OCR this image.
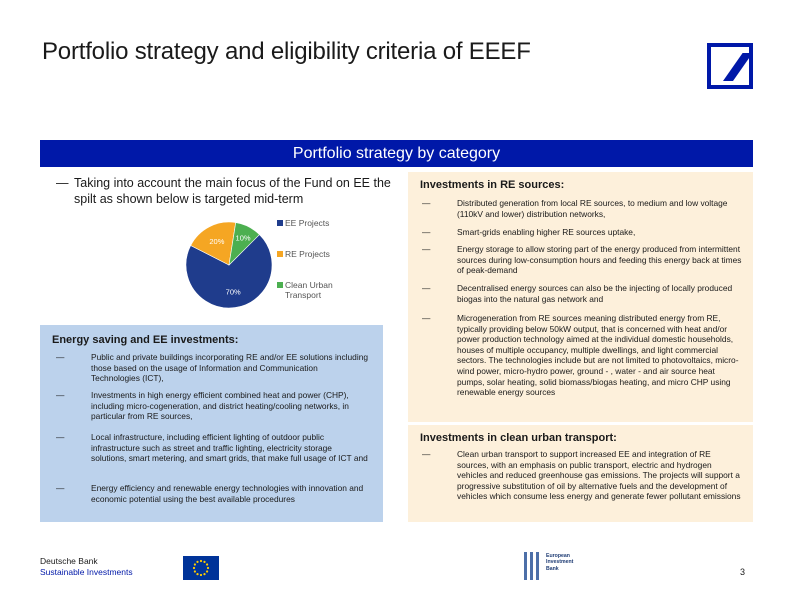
Portfolio strategy and eligibility criteria of EEEF
Portfolio strategy by category
— Taking into account the main focus of the Fund on EE the spilt as shown below is targeted mid-term
70%
20% 10%
EE Projects
RE Projects
Clean Urban
Transport
Energy saving and EE investments:
—	Public and private buildings incorporating RE and/or EE solutions including those based on the usage of Information and Communication Technologies (ICT),
—	Investments in high energy efficient combined heat and power (CHP), including micro-cogeneration, and district heating/cooling networks, in particular from RE sources,
—	Local infrastructure, including efficient lighting of outdoor public infrastructure such as street and traffic lighting, electricity storage solutions, smart metering, and smart grids, that make full usage of ICT and
—	Energy efficiency and renewable energy technologies with innovation and economic potential using the best available procedures
Investments in RE sources:
—	Distributed generation from local RE sources, to medium and low voltage (110kV and lower) distribution networks,
—	Smart-grids enabling higher RE sources uptake,
—	Energy storage to allow storing part of the energy produced from intermittent sources during low-consumption hours and feeding this energy back at times of peak-demand
—	Decentralised energy sources can also be the injecting of locally produced biogas into the natural gas network and
—	Microgeneration from RE sources meaning distributed energy from RE, typically providing below 50kW output, that is concerned with heat and/or power production technology aimed at the individual domestic households, houses of multiple occupancy, multiple dwellings, and light commercial sectors. The technologies include but are not limited to photovoltaics, micro-wind power, micro-hydro power, ground - , water - and air source heat pumps, solar heating, solid biomass/biogas heating, and micro CHP using renewable energy sources
Investments in clean urban transport:
—	Clean urban transport to support increased EE and integration of RE sources, with an emphasis on public transport, electric and hydrogen vehicles and reduced greenhouse gas emissions. The projects will support a progressive substitution of oil by alternative fuels and the development of vehicles which consume less energy and generate fewer pollutant emissions
Deutsche Bank
Sustainable Investments
European
Investment
Bank	3
